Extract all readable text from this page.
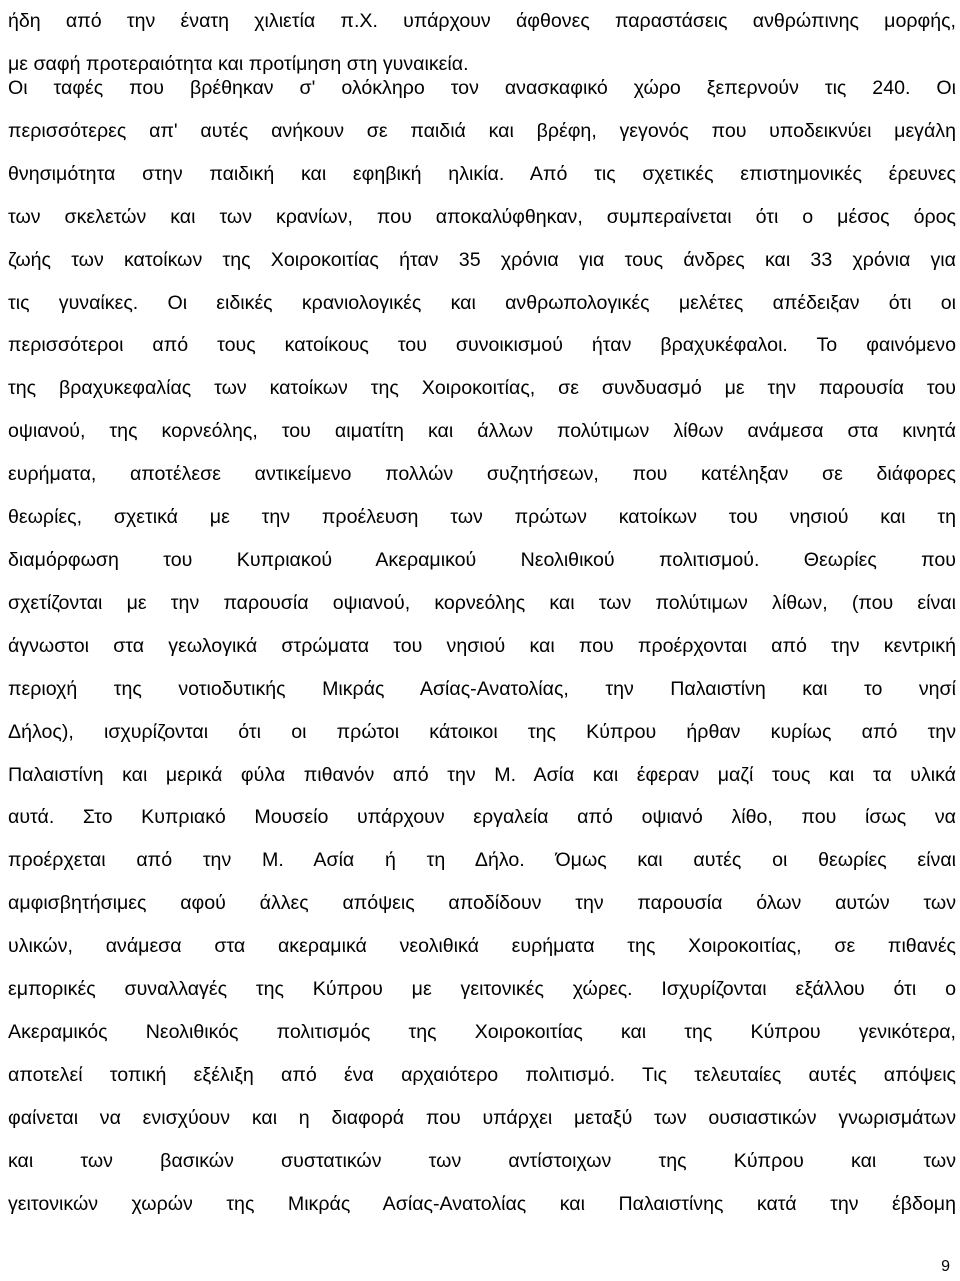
ήδη από την ένατη χιλιετία π.Χ. υπάρχουν άφθονες παραστάσεις ανθρώπινης μορφής,
με σαφή προτεραιότητα και προτίμηση στη γυναικεία.
Οι ταφές που βρέθηκαν σ' ολόκληρο τον ανασκαφικό χώρο ξεπερνούν τις 240. Οι
περισσότερες απ' αυτές ανήκουν σε παιδιά και βρέφη, γεγονός που υποδεικνύει μεγάλη
θνησιμότητα στην παιδική και εφηβική ηλικία. Από τις σχετικές επιστημονικές έρευνες
των σκελετών και των κρανίων, που αποκαλύφθηκαν, συμπεραίνεται ότι ο μέσος όρος
ζωής των κατοίκων της Χοιροκοιτίας ήταν 35 χρόνια για τους άνδρες και 33 χρόνια για
τις γυναίκες. Οι ειδικές κρανιολογικές και ανθρωπολογικές μελέτες απέδειξαν ότι οι
περισσότεροι από τους κατοίκους του συνοικισμού ήταν βραχυκέφαλοι. Το φαινόμενο
της βραχυκεφαλίας των κατοίκων της Χοιροκοιτίας, σε συνδυασμό με την παρουσία του
οψιανού, της κορνεόλης, του αιματίτη και άλλων πολύτιμων λίθων ανάμεσα στα κινητά
ευρήματα, αποτέλεσε αντικείμενο πολλών συζητήσεων, που κατέληξαν σε διάφορες
θεωρίες, σχετικά με την προέλευση των πρώτων κατοίκων του νησιού και τη
διαμόρφωση του Κυπριακού Ακεραμικού Νεολιθικού πολιτισμού. Θεωρίες που
σχετίζονται με την παρουσία οψιανού, κορνεόλης και των πολύτιμων λίθων, (που είναι
άγνωστοι στα γεωλογικά στρώματα του νησιού και που προέρχονται από την κεντρική
περιοχή της νοτιοδυτικής Μικράς Ασίας-Ανατολίας, την Παλαιστίνη και το νησί
Δήλος), ισχυρίζονται ότι οι πρώτοι κάτοικοι της Κύπρου ήρθαν κυρίως από την
Παλαιστίνη και μερικά φύλα πιθανόν από την Μ. Ασία και έφεραν μαζί τους και τα υλικά
αυτά. Στο Κυπριακό Μουσείο υπάρχουν εργαλεία από οψιανό λίθο, που ίσως να
προέρχεται από την Μ. Ασία ή τη Δήλο. Όμως και αυτές οι θεωρίες είναι
αμφισβητήσιμες αφού άλλες απόψεις αποδίδουν την παρουσία όλων αυτών των
υλικών, ανάμεσα στα ακεραμικά νεολιθικά ευρήματα της Χοιροκοιτίας, σε πιθανές
εμπορικές συναλλαγές της Κύπρου με γειτονικές χώρες. Ισχυρίζονται εξάλλου ότι ο
Ακεραμικός Νεολιθικός πολιτισμός της Χοιροκοιτίας και της Κύπρου γενικότερα,
αποτελεί τοπική εξέλιξη από ένα αρχαιότερο πολιτισμό. Τις τελευταίες αυτές απόψεις
φαίνεται να ενισχύουν και η διαφορά που υπάρχει μεταξύ των ουσιαστικών γνωρισμάτων
και των βασικών συστατικών των αντίστοιχων της Κύπρου και των
γειτονικών χωρών της Μικράς Ασίας-Ανατολίας και Παλαιστίνης κατά την έβδομη
9
